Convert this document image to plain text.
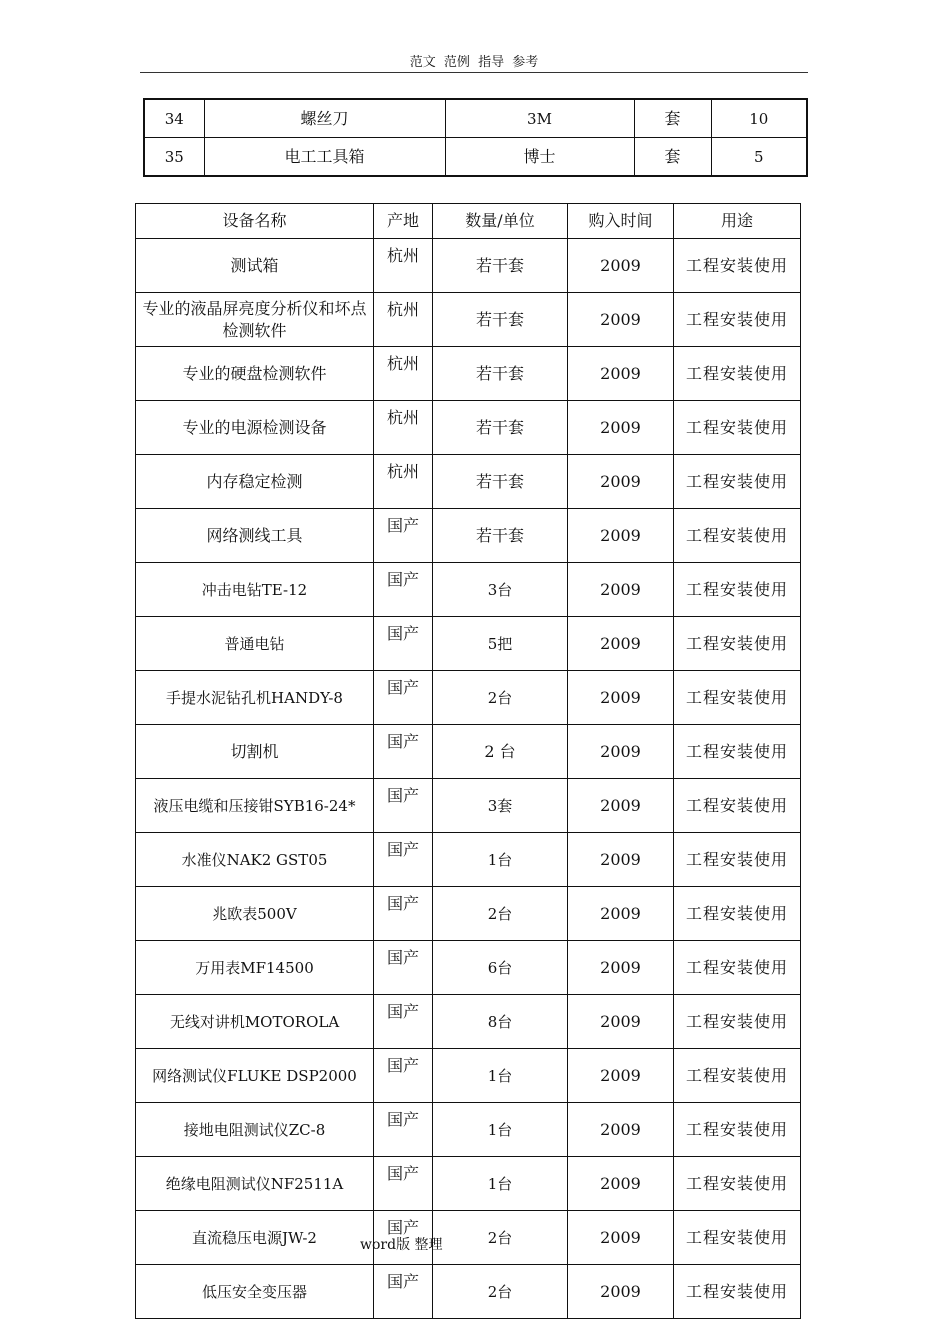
范文 范例 指导 参考
34	螺丝刀	3M	套	10
35	电工工具箱	博士	套	5
设备名称	产地	数量/单位	购入时间	用途
测试箱	杭州	若干套	2009	工程安装使用
专业的液晶屏亮度分析仪和坏点检测软件	杭州	若干套	2009	工程安装使用
专业的硬盘检测软件	杭州	若干套	2009	工程安装使用
专业的电源检测设备	杭州	若干套	2009	工程安装使用
内存稳定检测	杭州	若干套	2009	工程安装使用
网络测线工具	国产	若干套	2009	工程安装使用
冲击电钻TE-12	国产	3台	2009	工程安装使用
普通电钻	国产	5把	2009	工程安装使用
手提水泥钻孔机HANDY-8	国产	2台	2009	工程安装使用
切割机	国产	2 台	2009	工程安装使用
液压电缆和压接钳SYB16-24*	国产	3套	2009	工程安装使用
水准仪NAK2 GST05	国产	1台	2009	工程安装使用
兆欧表500V	国产	2台	2009	工程安装使用
万用表MF14500	国产	6台	2009	工程安装使用
无线对讲机MOTOROLA	国产	8台	2009	工程安装使用
网络测试仪FLUKE DSP2000	国产	1台	2009	工程安装使用
接地电阻测试仪ZC-8	国产	1台	2009	工程安装使用
绝缘电阻测试仪NF2511A	国产	1台	2009	工程安装使用
直流稳压电源JW-2	国产	2台	2009	工程安装使用
低压安全变压器	国产	2台	2009	工程安装使用
word版 整理
